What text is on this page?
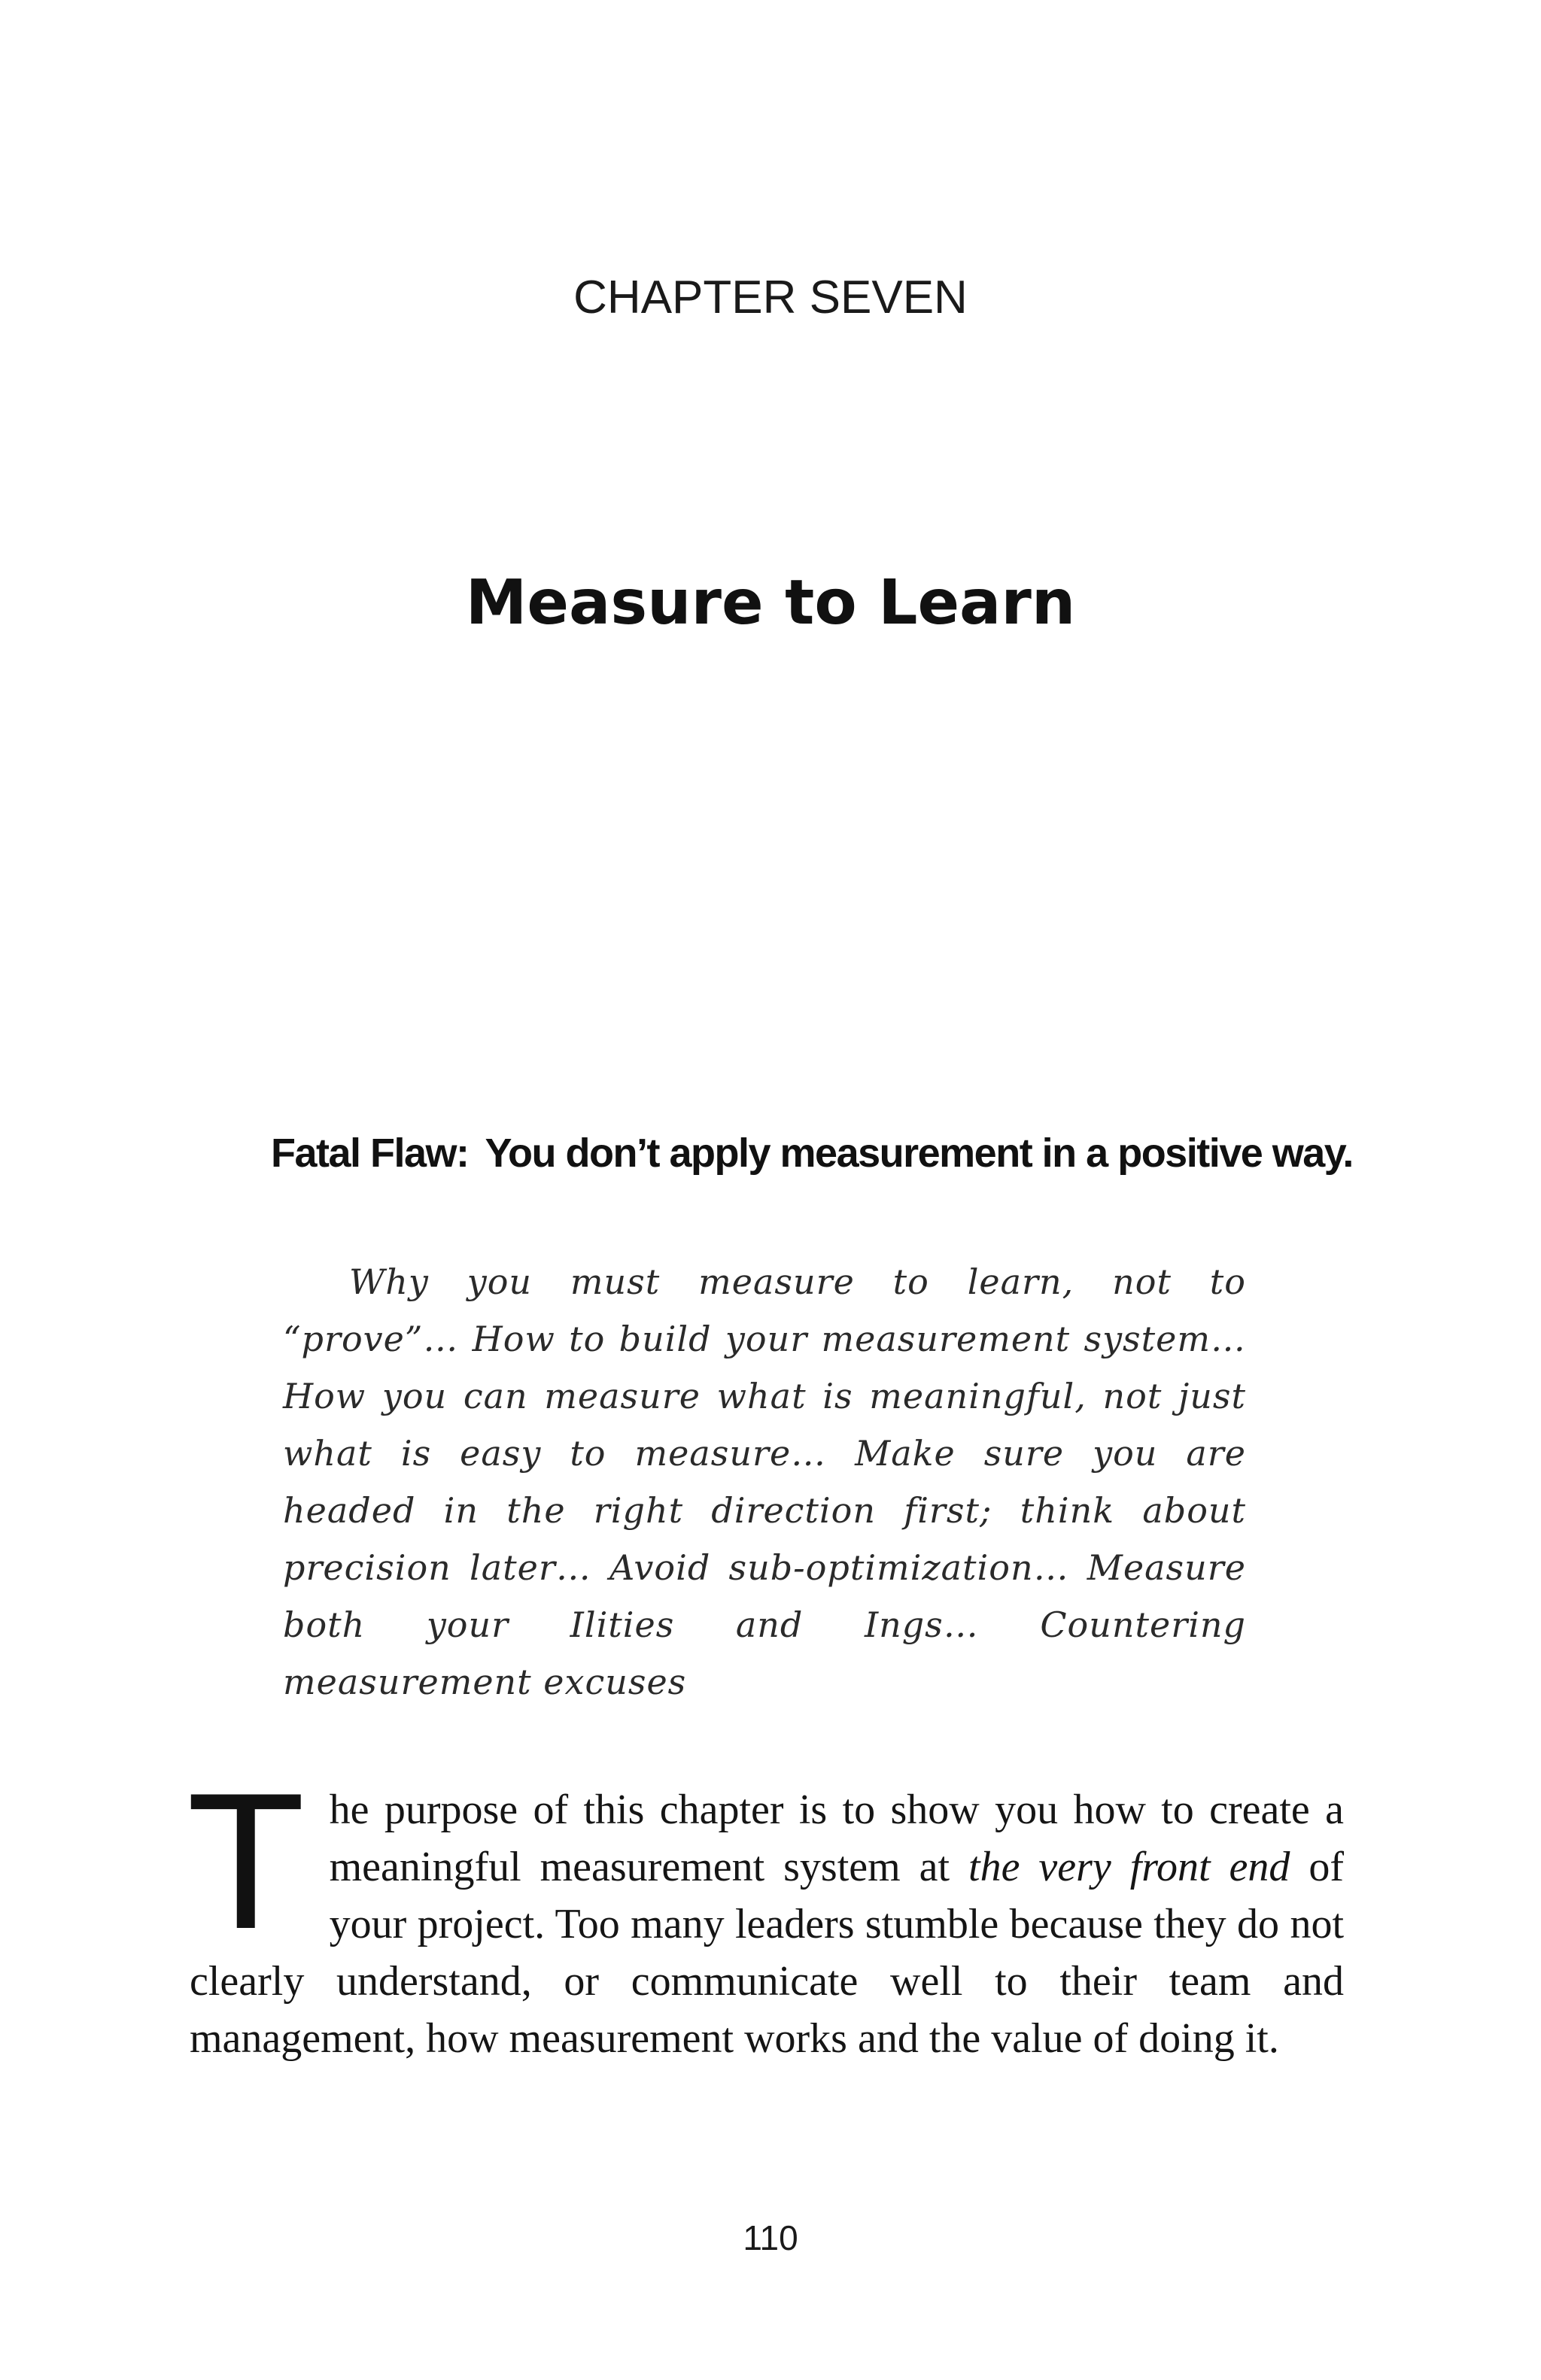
CHAPTER SEVEN
Measure to Learn
Fatal Flaw: You don’t apply measurement in a positive way.
Why you must measure to learn, not to “prove”… How to build your measurement system… How you can measure what is meaningful, not just what is easy to measure… Make sure you are headed in the right direction first; think about precision later… Avoid sub-optimization… Measure both your Ilities and Ings… Countering measurement excuses
The purpose of this chapter is to show you how to create a meaningful measurement system at the very front end of your project. Too many leaders stumble because they do not clearly understand, or communicate well to their team and management, how measurement works and the value of doing it.
110
